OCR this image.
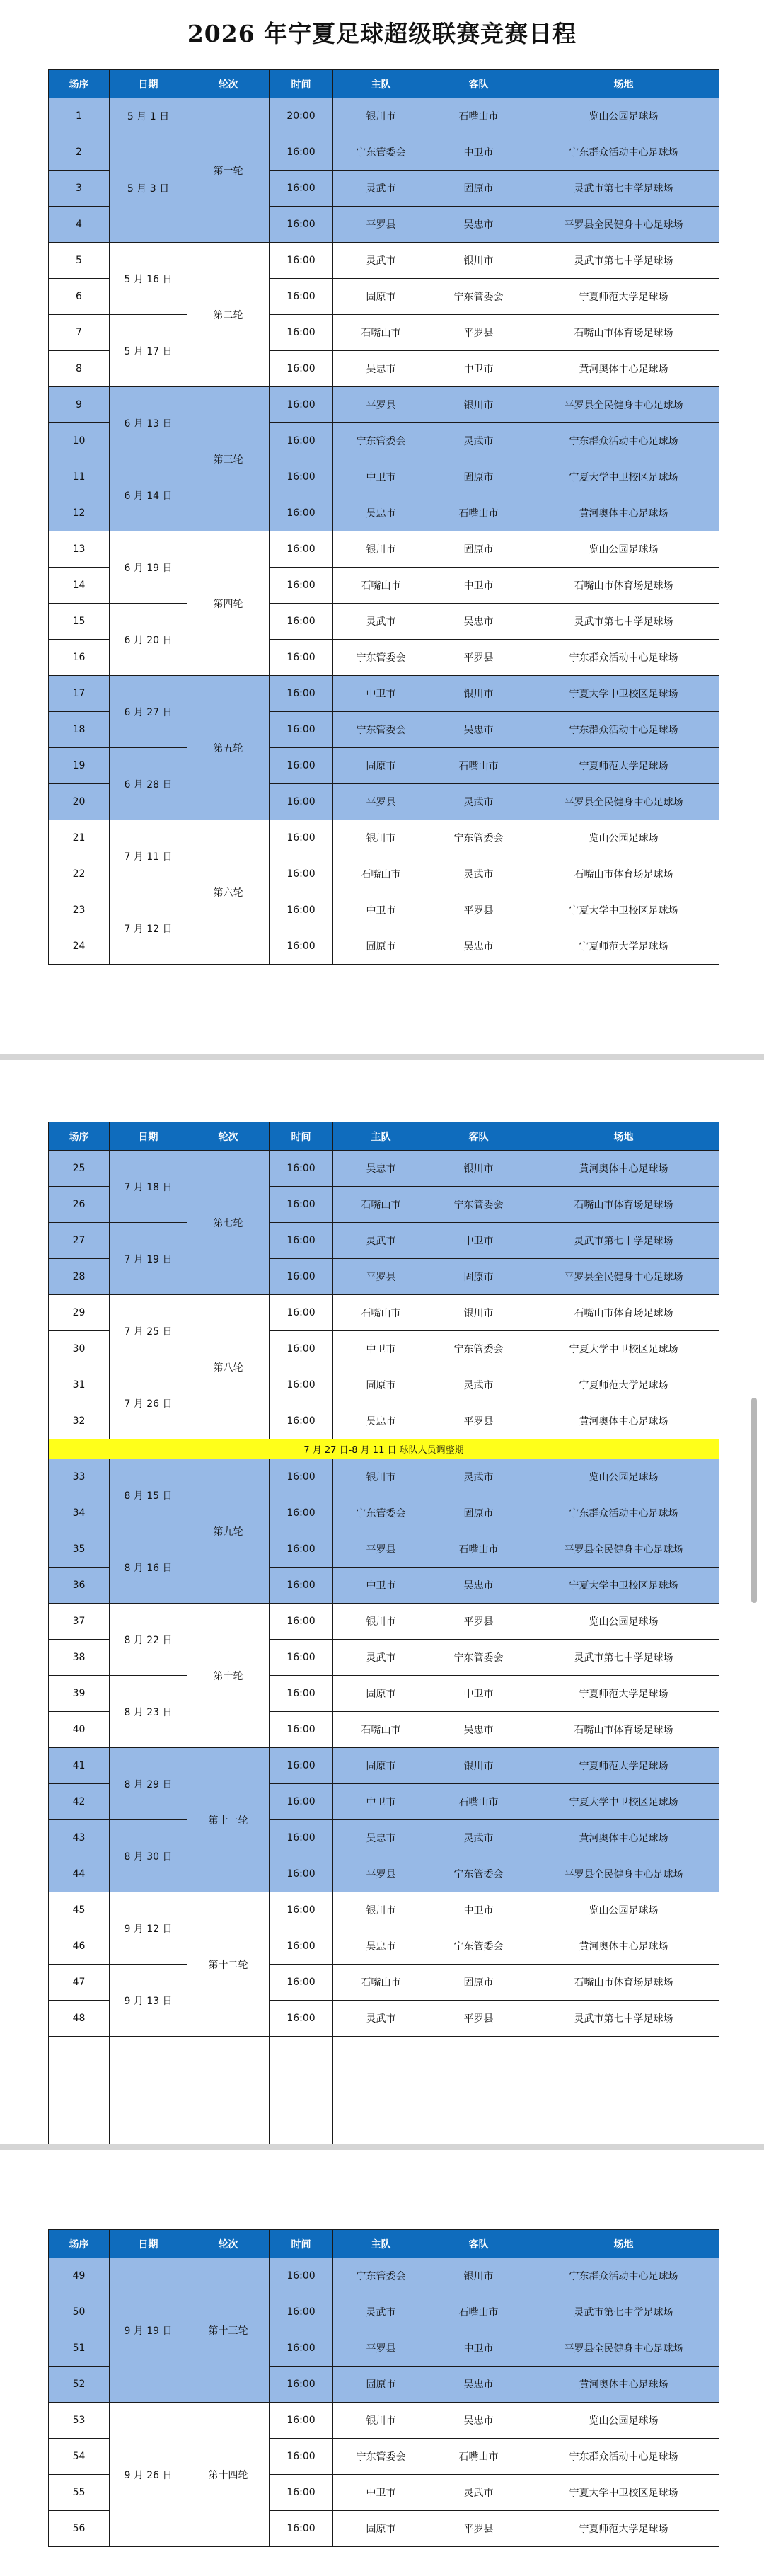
2026 年宁夏足球超级联赛竞赛日程
场序	日期	轮次	时间	主队	客队	场地
1	5 月 1 日	第一轮	20:00	银川市	石嘴山市	览山公园足球场
2	5 月 3 日		16:00	宁东管委会	中卫市	宁东群众活动中心足球场
3			16:00	灵武市	固原市	灵武市第七中学足球场
4			16:00	平罗县	吴忠市	平罗县全民健身中心足球场
5	5 月 16 日	第二轮	16:00	灵武市	银川市	灵武市第七中学足球场
6			16:00	固原市	宁东管委会	宁夏师范大学足球场
7	5 月 17 日		16:00	石嘴山市	平罗县	石嘴山市体育场足球场
8			16:00	吴忠市	中卫市	黄河奥体中心足球场
9	6 月 13 日	第三轮	16:00	平罗县	银川市	平罗县全民健身中心足球场
10			16:00	宁东管委会	灵武市	宁东群众活动中心足球场
11	6 月 14 日		16:00	中卫市	固原市	宁夏大学中卫校区足球场
12			16:00	吴忠市	石嘴山市	黄河奥体中心足球场
13	6 月 19 日	第四轮	16:00	银川市	固原市	览山公园足球场
14			16:00	石嘴山市	中卫市	石嘴山市体育场足球场
15	6 月 20 日		16:00	灵武市	吴忠市	灵武市第七中学足球场
16			16:00	宁东管委会	平罗县	宁东群众活动中心足球场
17	6 月 27 日	第五轮	16:00	中卫市	银川市	宁夏大学中卫校区足球场
18			16:00	宁东管委会	吴忠市	宁东群众活动中心足球场
19	6 月 28 日		16:00	固原市	石嘴山市	宁夏师范大学足球场
20			16:00	平罗县	灵武市	平罗县全民健身中心足球场
21	7 月 11 日	第六轮	16:00	银川市	宁东管委会	览山公园足球场
22			16:00	石嘴山市	灵武市	石嘴山市体育场足球场
23	7 月 12 日		16:00	中卫市	平罗县	宁夏大学中卫校区足球场
24			16:00	固原市	吴忠市	宁夏师范大学足球场
场序	日期	轮次	时间	主队	客队	场地
25	7 月 18 日	第七轮	16:00	吴忠市	银川市	黄河奥体中心足球场
26			16:00	石嘴山市	宁东管委会	石嘴山市体育场足球场
27	7 月 19 日		16:00	灵武市	中卫市	灵武市第七中学足球场
28			16:00	平罗县	固原市	平罗县全民健身中心足球场
29	7 月 25 日	第八轮	16:00	石嘴山市	银川市	石嘴山市体育场足球场
30			16:00	中卫市	宁东管委会	宁夏大学中卫校区足球场
31	7 月 26 日		16:00	固原市	灵武市	宁夏师范大学足球场
32			16:00	吴忠市	平罗县	黄河奥体中心足球场
7 月 27 日-8 月 11 日 球队人员调整期						
33	8 月 15 日	第九轮	16:00	银川市	灵武市	览山公园足球场
34			16:00	宁东管委会	固原市	宁东群众活动中心足球场
35	8 月 16 日		16:00	平罗县	石嘴山市	平罗县全民健身中心足球场
36			16:00	中卫市	吴忠市	宁夏大学中卫校区足球场
37	8 月 22 日	第十轮	16:00	银川市	平罗县	览山公园足球场
38			16:00	灵武市	宁东管委会	灵武市第七中学足球场
39	8 月 23 日		16:00	固原市	中卫市	宁夏师范大学足球场
40			16:00	石嘴山市	吴忠市	石嘴山市体育场足球场
41	8 月 29 日	第十一轮	16:00	固原市	银川市	宁夏师范大学足球场
42			16:00	中卫市	石嘴山市	宁夏大学中卫校区足球场
43	8 月 30 日		16:00	吴忠市	灵武市	黄河奥体中心足球场
44			16:00	平罗县	宁东管委会	平罗县全民健身中心足球场
45	9 月 12 日	第十二轮	16:00	银川市	中卫市	览山公园足球场
46			16:00	吴忠市	宁东管委会	黄河奥体中心足球场
47	9 月 13 日		16:00	石嘴山市	固原市	石嘴山市体育场足球场
48			16:00	灵武市	平罗县	灵武市第七中学足球场

场序	日期	轮次	时间	主队	客队	场地
49	9 月 19 日	第十三轮	16:00	宁东管委会	银川市	宁东群众活动中心足球场
50			16:00	灵武市	石嘴山市	灵武市第七中学足球场
51			16:00	平罗县	中卫市	平罗县全民健身中心足球场
52			16:00	固原市	吴忠市	黄河奥体中心足球场
53	9 月 26 日	第十四轮	16:00	银川市	吴忠市	览山公园足球场
54			16:00	宁东管委会	石嘴山市	宁东群众活动中心足球场
55			16:00	中卫市	灵武市	宁夏大学中卫校区足球场
56			16:00	固原市	平罗县	宁夏师范大学足球场
